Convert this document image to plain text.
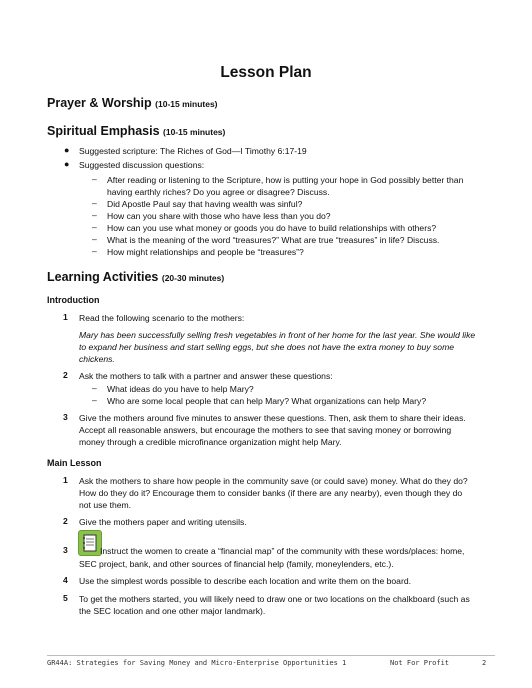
Lesson Plan
Prayer & Worship (10-15 minutes)
Spiritual Emphasis (10-15 minutes)
● Suggested scripture: The Riches of God—I Timothy 6:17-19
● Suggested discussion questions:
– After reading or listening to the Scripture, how is putting your hope in God possibly better than
having earthly riches? Do you agree or disagree? Discuss.
– Did Apostle Paul say that having wealth was sinful?
– How can you share with those who have less than you do?
– How can you use what money or goods you do have to build relationships with others?
– What is the meaning of the word “treasures?” What are true “treasures” in life? Discuss.
– How might relationships and people be “treasures”?
Learning Activities (20-30 minutes)
Introduction
1 Read the following scenario to the mothers:
Mary has been successfully selling fresh vegetables in front of her home for the last year. She would like
to expand her business and start selling eggs, but she does not have the extra money to buy some
chickens.
2 Ask the mothers to talk with a partner and answer these questions:
– What ideas do you have to help Mary?
– Who are some local people that can help Mary? What organizations can help Mary?
3 Give the mothers around five minutes to answer these questions. Then, ask them to share their ideas.
Accept all reasonable answers, but encourage the mothers to see that saving money or borrowing
money through a credible microfinance organization might help Mary.
Main Lesson
1 Ask the mothers to share how people in the community save (or could save) money. What do they do?
How do they do it? Encourage them to consider banks (if there are any nearby), even though they do
not use them.
2 Give the mothers paper and writing utensils.
3	Instruct the women to create a “financial map” of the community with these words/places: home,
SEC project, bank, and other sources of financial help (family, moneylenders, etc.).
4 Use the simplest words possible to describe each location and write them on the board.
5 To get the mothers started, you will likely need to draw one or two locations on the chalkboard (such as
the SEC location and one other major landmark).
GR44A: Strategies for Saving Money and Micro-Enterprise Opportunities 1	Not For Profit	2
